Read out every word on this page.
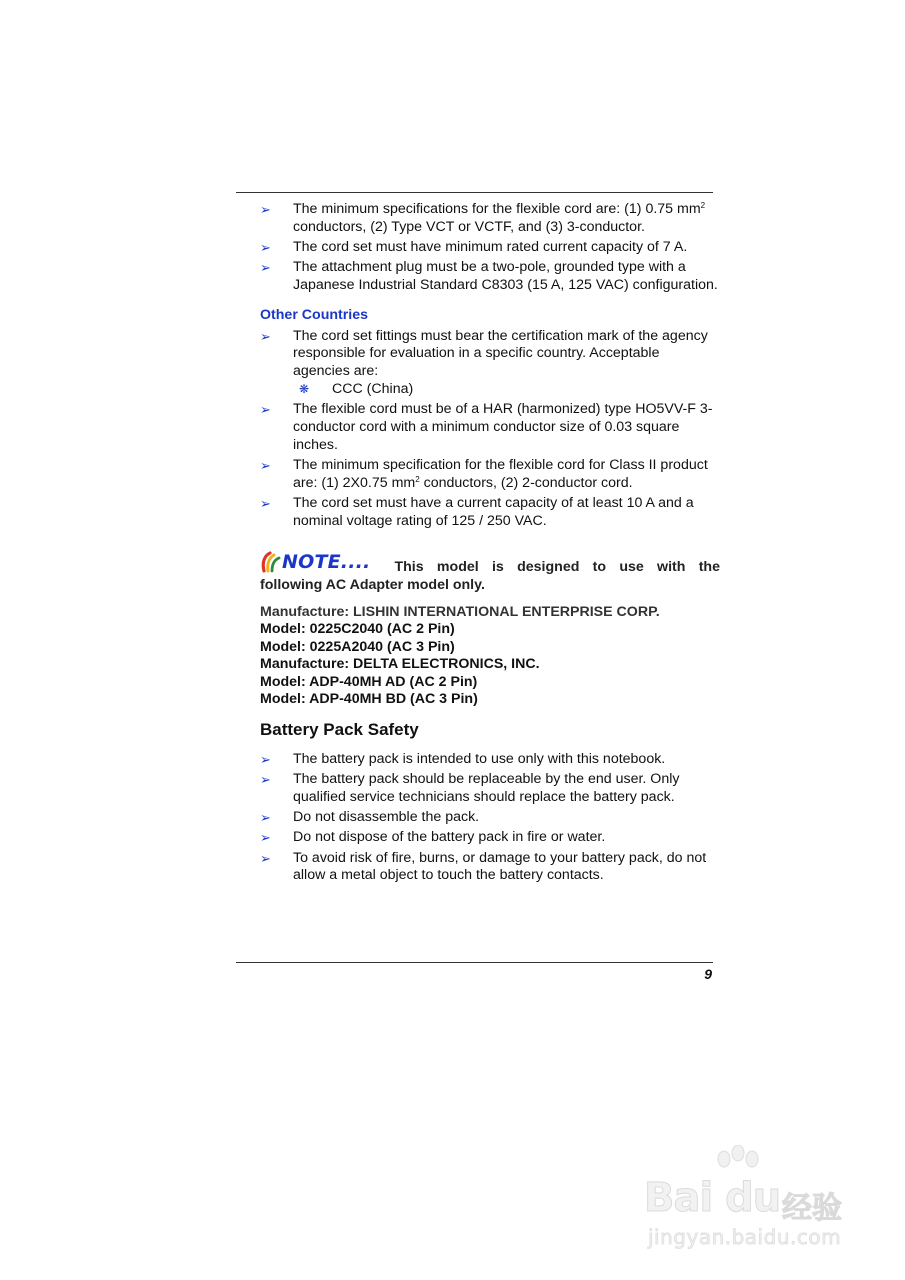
➢ The minimum specifications for the flexible cord are: (1) 0.75 $mm^2$ conductors, (2) Type VCT or VCTF, and (3) 3-conductor.
➢ The cord set must have minimum rated current capacity of 7 A.
➢ The attachment plug must be a two-pole, grounded type with a Japanese Industrial Standard C8303 (15 A, 125 VAC) configuration.
Other Countries
➢ The cord set fittings must bear the certification mark of the agency responsible for evaluation in a specific country. Acceptable agencies are:
❋ CCC (China)
➢ The flexible cord must be of a HAR (harmonized) type HO5VV-F 3-conductor cord with a minimum conductor size of 0.03 square inches.
➢ The minimum specification for the flexible cord for Class II product are: (1) 2X0.75 $mm^2$ conductors, (2) 2-conductor cord.
➢ The cord set must have a current capacity of at least 10 A and a nominal voltage rating of 125 / 250 VAC.
NOTE.... This model is designed to use with the following AC Adapter model only.
Manufacture: LISHIN INTERNATIONAL ENTERPRISE CORP.
Model: 0225C2040 (AC 2 Pin)
Model: 0225A2040 (AC 3 Pin)
Manufacture: DELTA ELECTRONICS, INC.
Model: ADP-40MH AD (AC 2 Pin)
Model: ADP-40MH BD (AC 3 Pin)
Battery Pack Safety
➢ The battery pack is intended to use only with this notebook.
➢ The battery pack should be replaceable by the end user. Only qualified service technicians should replace the battery pack.
➢ Do not disassemble the pack.
➢ Do not dispose of the battery pack in fire or water.
➢ To avoid risk of fire, burns, or damage to your battery pack, do not allow a metal object to touch the battery contacts.
9
Bai du 经验
jingyan.baidu.com
